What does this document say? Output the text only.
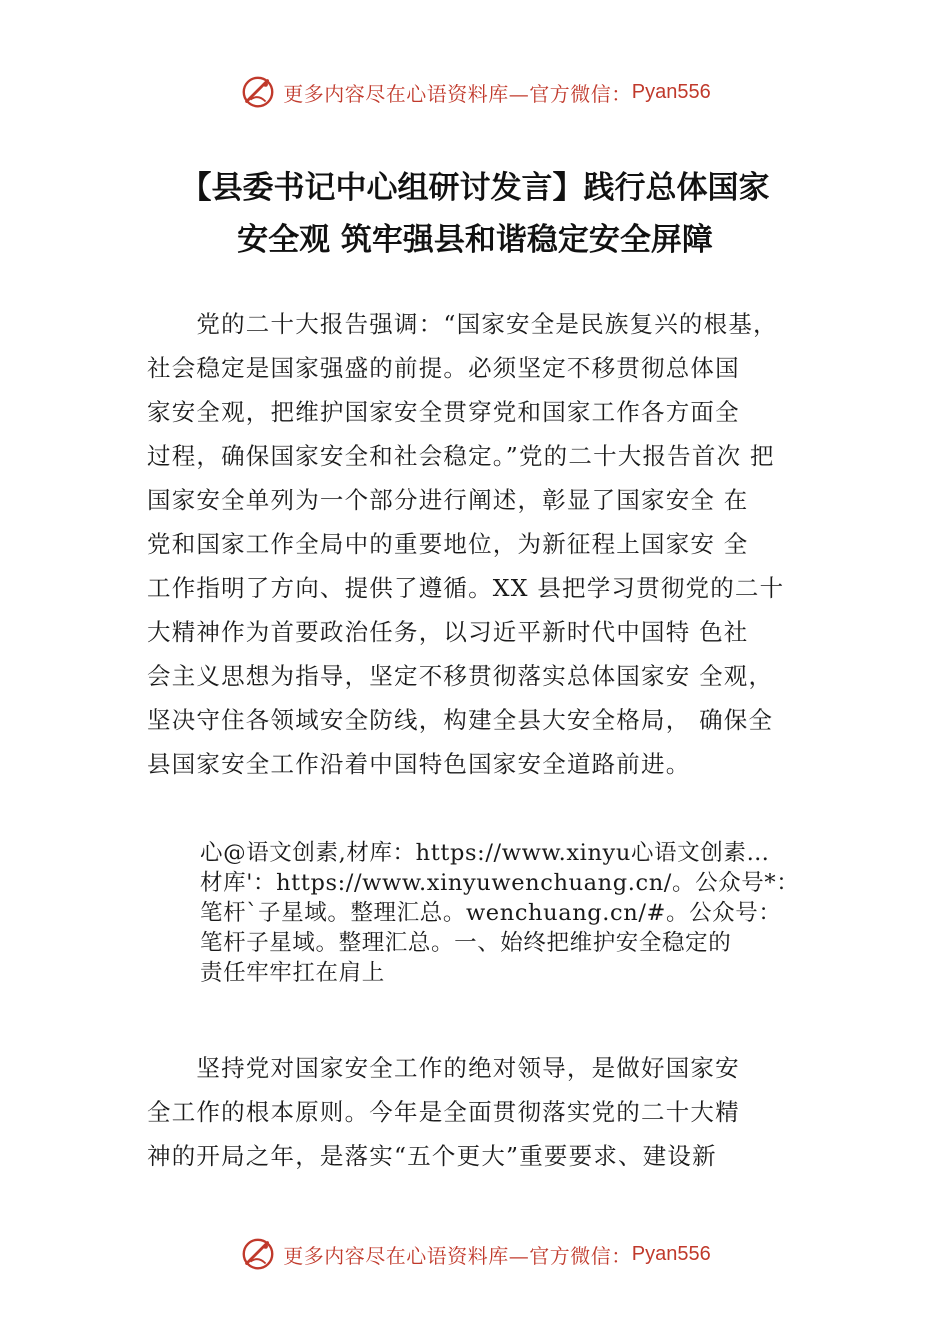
更多内容尽在心语资料库—官方微信： Pyan556
【县委书记中心组研讨发言】践行总体国家
安全观 筑牢强县和谐稳定安全屏障
　　党的二十大报告强调：“国家安全是民族复兴的根基，
社会稳定是国家强盛的前提。必须坚定不移贯彻总体国
家安全观，把维护国家安全贯穿党和国家工作各方面全
过程，确保国家安全和社会稳定。”党的二十大报告首次 把
国家安全单列为一个部分进行阐述，彰显了国家安全 在
党和国家工作全局中的重要地位，为新征程上国家安 全
工作指明了方向、提供了遵循。XX 县把学习贯彻党的二十
大精神作为首要政治任务，以习近平新时代中国特 色社
会主义思想为指导，坚定不移贯彻落实总体国家安 全观，
坚决守住各领域安全防线，构建全县大安全格局， 确保全
县国家安全工作沿着中国特色国家安全道路前进。
心@语文创素,材库：https://www.xinyu心语文创素…
材库'：https://www.xinyuwenchuang.cn/。公众号*：
笔杆`子星域。整理汇总。wenchuang.cn/#。公众号：
笔杆子星域。整理汇总。一、始终把维护安全稳定的
责任牢牢扛在肩上
　　坚持党对国家安全工作的绝对领导，是做好国家安
全工作的根本原则。今年是全面贯彻落实党的二十大精
神的开局之年，是落实“五个更大”重要要求、建设新
更多内容尽在心语资料库—官方微信： Pyan556
